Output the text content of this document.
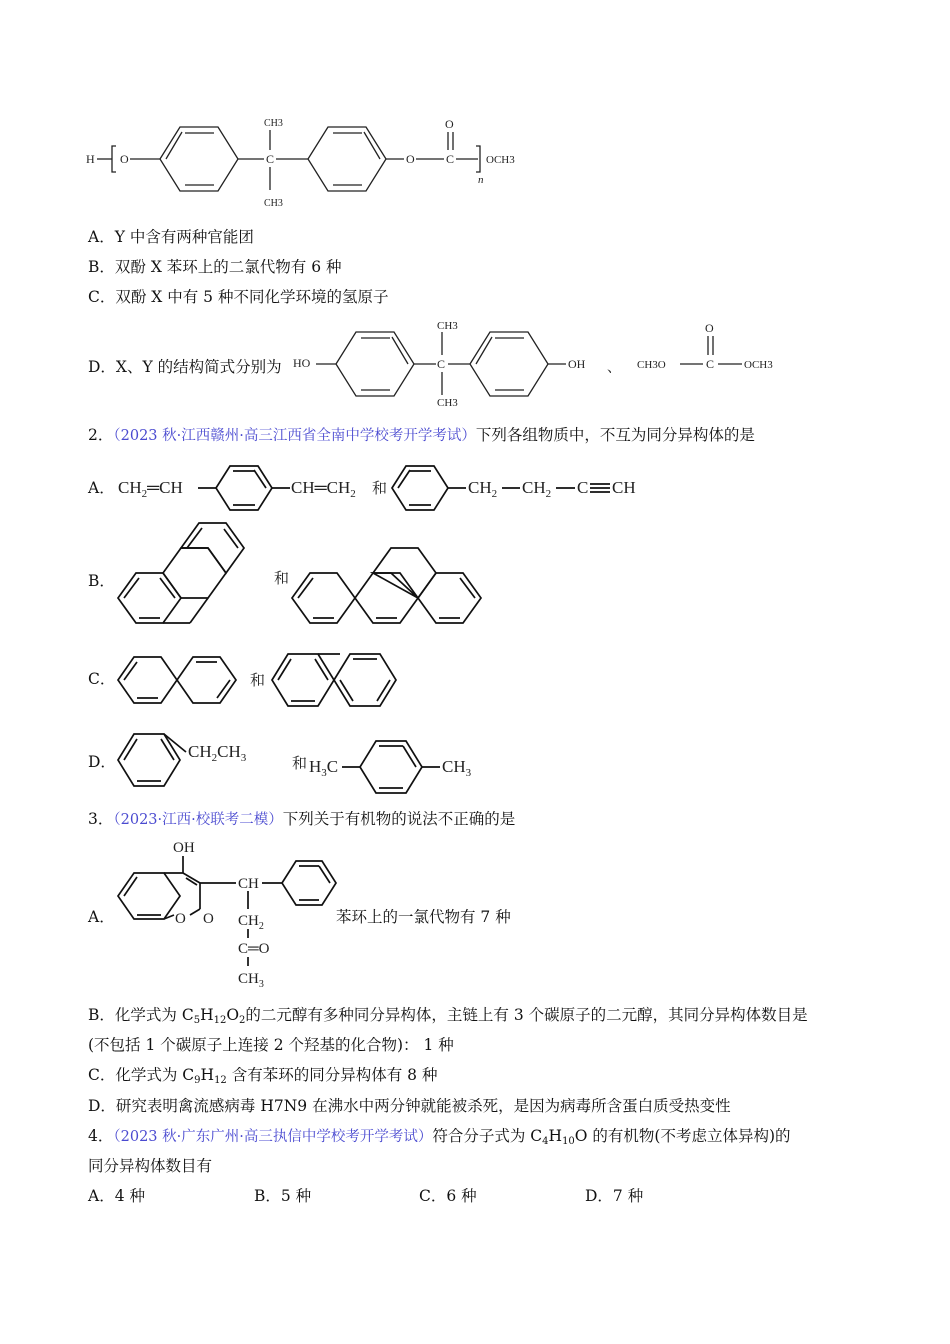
H O	C
CH3
CH3
O	C
O
n
OCH3
A．Y 中含有两种官能团
B．双酚 X 苯环上的二氯代物有 6 种
C．双酚 X 中有 5 种不同化学环境的氢原子
D．X、Y 的结构简式分别为 HO	C
CH3
CH3
OH 、 CH3O	C
O
OCH3
2．（2023 秋·江西赣州·高三江西省全南中学校考开学考试）下列各组物质中，不互为同分异构体的是
A． $CH_2═CH$	$CH═CH_2$ 和	$CH_2$ $CH_2$ C CH
B．	和
C．	和
D．
$CH_2CH_3$	和 $H_3C$	$CH_3$
3．（2023·江西·校联考二模）下列关于有机物的说法不正确的是
A．
OH
O O
CH
$CH_2$
C═O
$CH_3$
苯环上的一氯代物有 7 种
B．化学式为 $C_5H_{12}O_2$的二元醇有多种同分异构体，主链上有 3 个碳原子的二元醇，其同分异构体数目是
(不包括 1 个碳原子上连接 2 个羟基的化合物)： 1 种
C．化学式为 $C_9H_{12}$ 含有苯环的同分异构体有 8 种
D．研究表明禽流感病毒 H7N9 在沸水中两分钟就能被杀死，是因为病毒所含蛋白质受热变性
4．（2023 秋·广东广州·高三执信中学校考开学考试）符合分子式为 $C_4H_{10}O$ 的有机物(不考虑立体异构)的
同分异构体数目有
A．4 种	B．5 种	C．6 种	D．7 种
